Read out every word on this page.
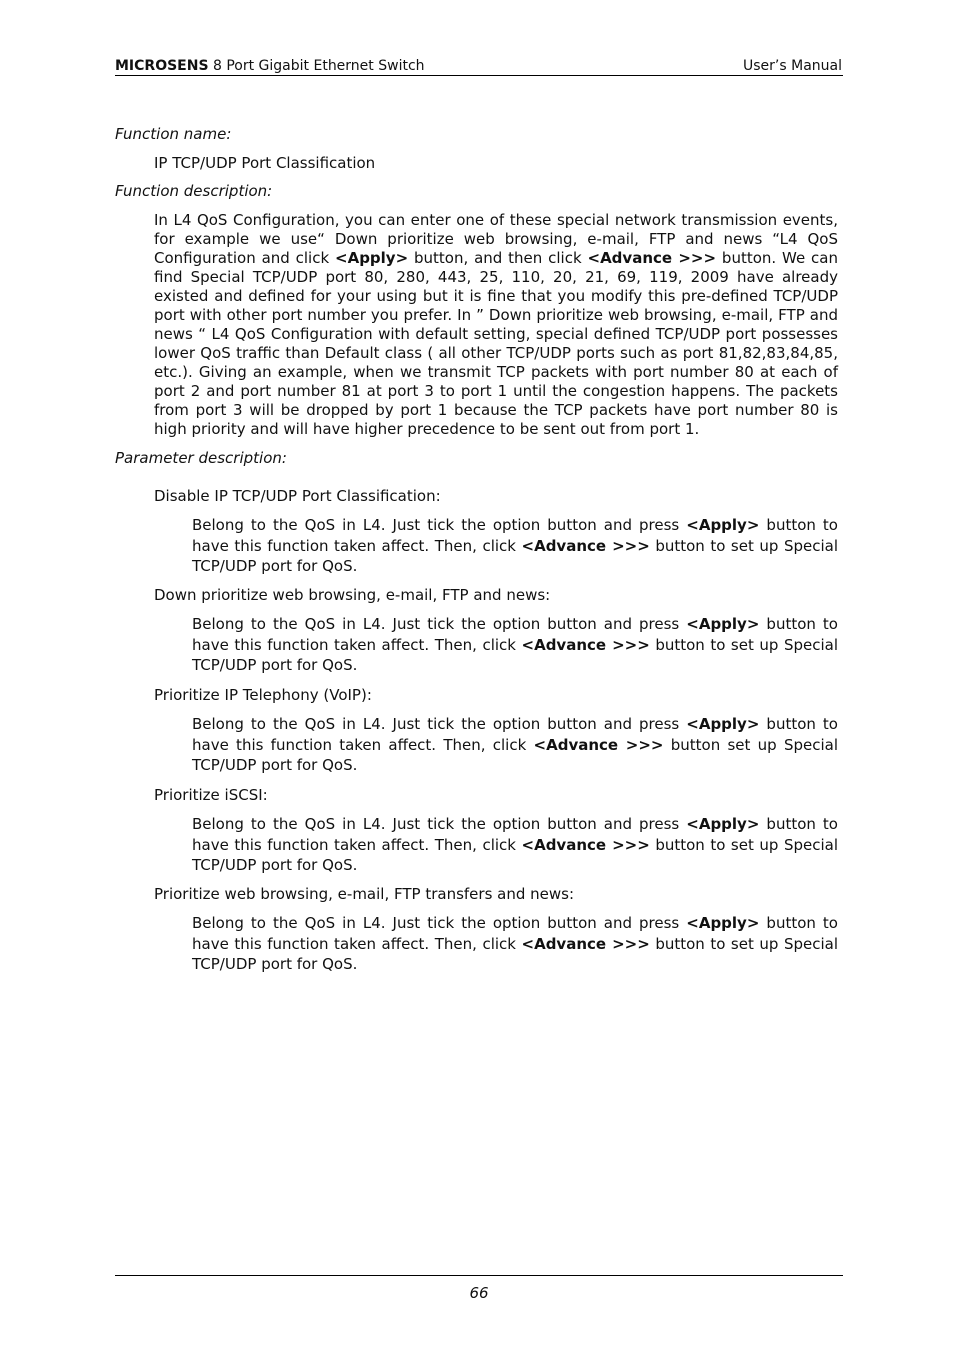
MICROSENS 8 Port Gigabit Ethernet Switch	User’s Manual
Function name:
IP TCP/UDP Port Classification
Function description:
In L4 QoS Configuration, you can enter one of these special network transmission events, for example we use“ Down prioritize web browsing, e-mail, FTP and news “L4 QoS Configuration and click <Apply> button, and then click <Advance >>> button. We can find Special TCP/UDP port 80, 280, 443, 25, 110, 20, 21, 69, 119, 2009 have already existed and defined for your using but it is fine that you modify this pre-defined TCP/UDP port with other port number you prefer. In ” Down prioritize web browsing, e-mail, FTP and news “ L4 QoS Configuration with default setting, special defined TCP/UDP port possesses lower QoS traffic than Default class ( all other TCP/UDP ports such as port 81,82,83,84,85, etc.). Giving an example, when we transmit TCP packets with port number 80 at each of port 2 and port number 81 at port 3 to port 1 until the congestion happens. The packets from port 3 will be dropped by port 1 because the TCP packets have port number 80 is high priority and will have higher precedence to be sent out from port 1.
Parameter description:
Disable IP TCP/UDP Port Classification:
Belong to the QoS in L4. Just tick the option button and press <Apply> button to have this function taken affect. Then, click <Advance >>> button to set up Special TCP/UDP port for QoS.
Down prioritize web browsing, e-mail, FTP and news:
Belong to the QoS in L4. Just tick the option button and press <Apply> button to have this function taken affect. Then, click <Advance >>> button to set up Special TCP/UDP port for QoS.
Prioritize IP Telephony (VoIP):
Belong to the QoS in L4. Just tick the option button and press <Apply> button to have this function taken affect. Then, click <Advance >>> button set up Special TCP/UDP port for QoS.
Prioritize iSCSI:
Belong to the QoS in L4. Just tick the option button and press <Apply> button to have this function taken affect. Then, click <Advance >>> button to set up Special TCP/UDP port for QoS.
Prioritize web browsing, e-mail, FTP transfers and news:
Belong to the QoS in L4. Just tick the option button and press <Apply> button to have this function taken affect. Then, click <Advance >>> button to set up Special TCP/UDP port for QoS.
66
